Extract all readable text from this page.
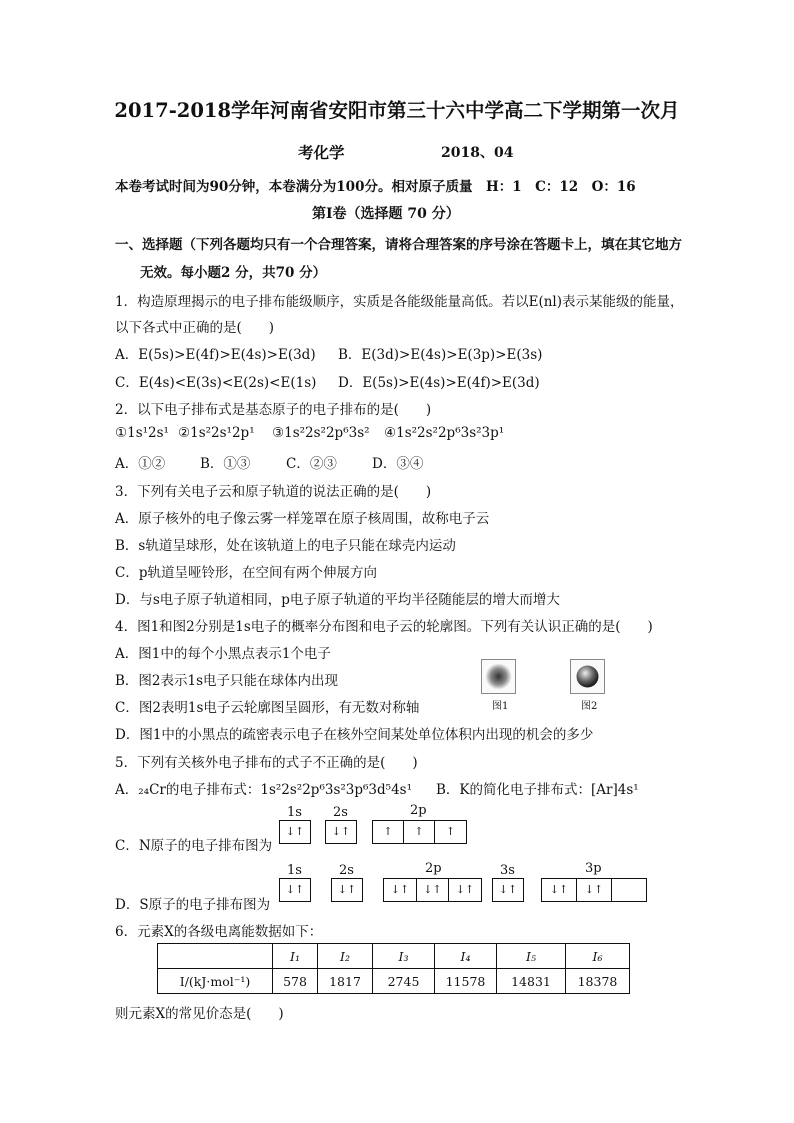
2017-2018学年河南省安阳市第三十六中学高二下学期第一次月
考化学	2018、04
本卷考试时间为90分钟，本卷满分为100分。相对原子质量　H：1　C：12　O：16
第Ⅰ卷（选择题 70 分）
一、选择题（下列各题均只有一个合理答案，请将合理答案的序号涂在答题卡上，填在其它地方
无效。每小题2 分，共70 分）
1．构造原理揭示的电子排布能级顺序，实质是各能级能量高低。若以E(nl)表示某能级的能量，
以下各式中正确的是(　　)
A．E(5s)>E(4f)>E(4s)>E(3d) B．E(3d)>E(4s)>E(3p)>E(3s)
C．E(4s)<E(3s)<E(2s)<E(1s) D．E(5s)>E(4s)>E(4f)>E(3d)
2．以下电子排布式是基态原子的电子排布的是(　　)
①1s¹2s¹ ②1s²2s¹2p¹ ③1s²2s²2p⁶3s² ④1s²2s²2p⁶3s²3p¹
A．①②	B．①③	C．②③	D．③④
3．下列有关电子云和原子轨道的说法正确的是(　　)
A．原子核外的电子像云雾一样笼罩在原子核周围，故称电子云
B．s轨道呈球形，处在该轨道上的电子只能在球壳内运动
C．p轨道呈哑铃形，在空间有两个伸展方向
D．与s电子原子轨道相同，p电子原子轨道的平均半径随能层的增大而增大
4．图1和图2分别是1s电子的概率分布图和电子云的轮廓图。下列有关认识正确的是(　　)
A．图1中的每个小黑点表示1个电子
B．图2表示1s电子只能在球体内出现
C．图2表明1s电子云轮廓图呈圆形，有无数对称轴
D．图1中的小黑点的疏密表示电子在核外空间某处单位体积内出现的机会的多少
图1	图2
5．下列有关核外电子排布的式子不正确的是(　　)
A．₂₄Cr的电子排布式：1s²2s²2p⁶3s²3p⁶3d⁵4s¹ B．K的简化电子排布式：[Ar]4s¹
C．N原子的电子排布图为
1s 2s	2p
↓↑	↓↑	↑	↑	↑
D．S原子的电子排布图为
1s	2s	2p	3s	3p
↓↑	↓↑	↓↑	↓↑	↓↑	↓↑	↓↑	↓↑
6．元素X的各级电离能数据如下：
	I₁	I₂	I₃	I₄	I₅	I₆
I/(kJ·mol⁻¹)	578	1817	2745	11578	14831	18378
则元素X的常见价态是(　　)
